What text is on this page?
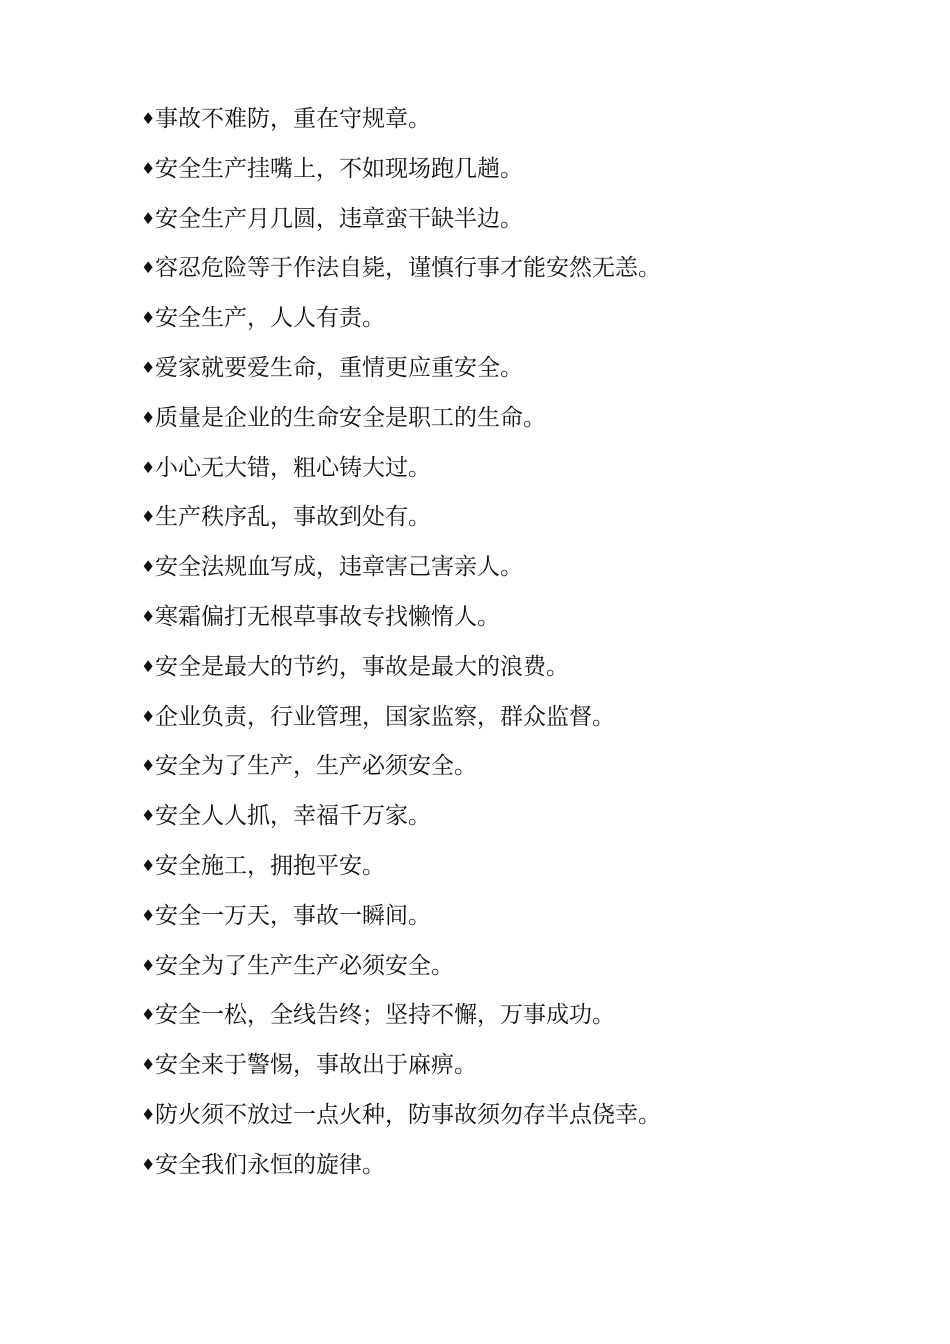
♦事故不难防，重在守规章。
♦安全生产挂嘴上，不如现场跑几趟。
♦安全生产月几圆，违章蛮干缺半边。
♦容忍危险等于作法自毙，谨慎行事才能安然无恙。
♦安全生产，人人有责。
♦爱家就要爱生命，重情更应重安全。
♦质量是企业的生命安全是职工的生命。
♦小心无大错，粗心铸大过。
♦生产秩序乱，事故到处有。
♦安全法规血写成，违章害己害亲人。
♦寒霜偏打无根草事故专找懒惰人。
♦安全是最大的节约，事故是最大的浪费。
♦企业负责，行业管理，国家监察，群众监督。
♦安全为了生产，生产必须安全。
♦安全人人抓，幸福千万家。
♦安全施工，拥抱平安。
♦安全一万天，事故一瞬间。
♦安全为了生产生产必须安全。
♦安全一松，全线告终；坚持不懈，万事成功。
♦安全来于警惕，事故出于麻痹。
♦防火须不放过一点火种，防事故须勿存半点侥幸。
♦安全我们永恒的旋律。
